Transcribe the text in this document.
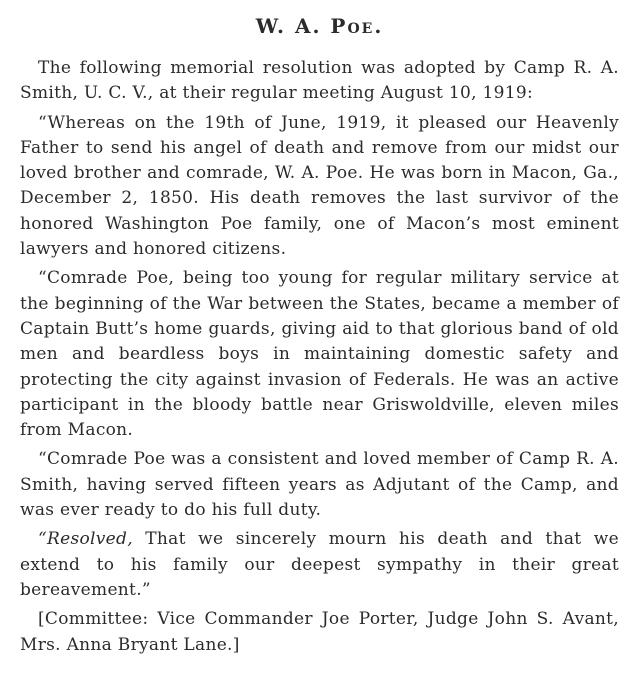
W. A. Poe.

The following memorial resolution was adopted by Camp R. A. Smith, U. C. V., at their regular meeting August 10, 1919:

“Whereas on the 19th of June, 1919, it pleased our Heavenly Father to send his angel of death and remove from our midst our loved brother and comrade, W. A. Poe. He was born in Macon, Ga., December 2, 1850. His death removes the last survivor of the honored Washington Poe family, one of Macon’s most eminent lawyers and honored citizens.

“Comrade Poe, being too young for regular military service at the beginning of the War between the States, became a member of Captain Butt’s home guards, giving aid to that glorious band of old men and beardless boys in maintaining domestic safety and protecting the city against invasion of Federals. He was an active participant in the bloody battle near Griswoldville, eleven miles from Macon.

“Comrade Poe was a consistent and loved member of Camp R. A. Smith, having served fifteen years as Adjutant of the Camp, and was ever ready to do his full duty.

“Resolved, That we sincerely mourn his death and that we extend to his family our deepest sympathy in their great bereavement.”

[Committee: Vice Commander Joe Porter, Judge John S. Avant, Mrs. Anna Bryant Lane.]
